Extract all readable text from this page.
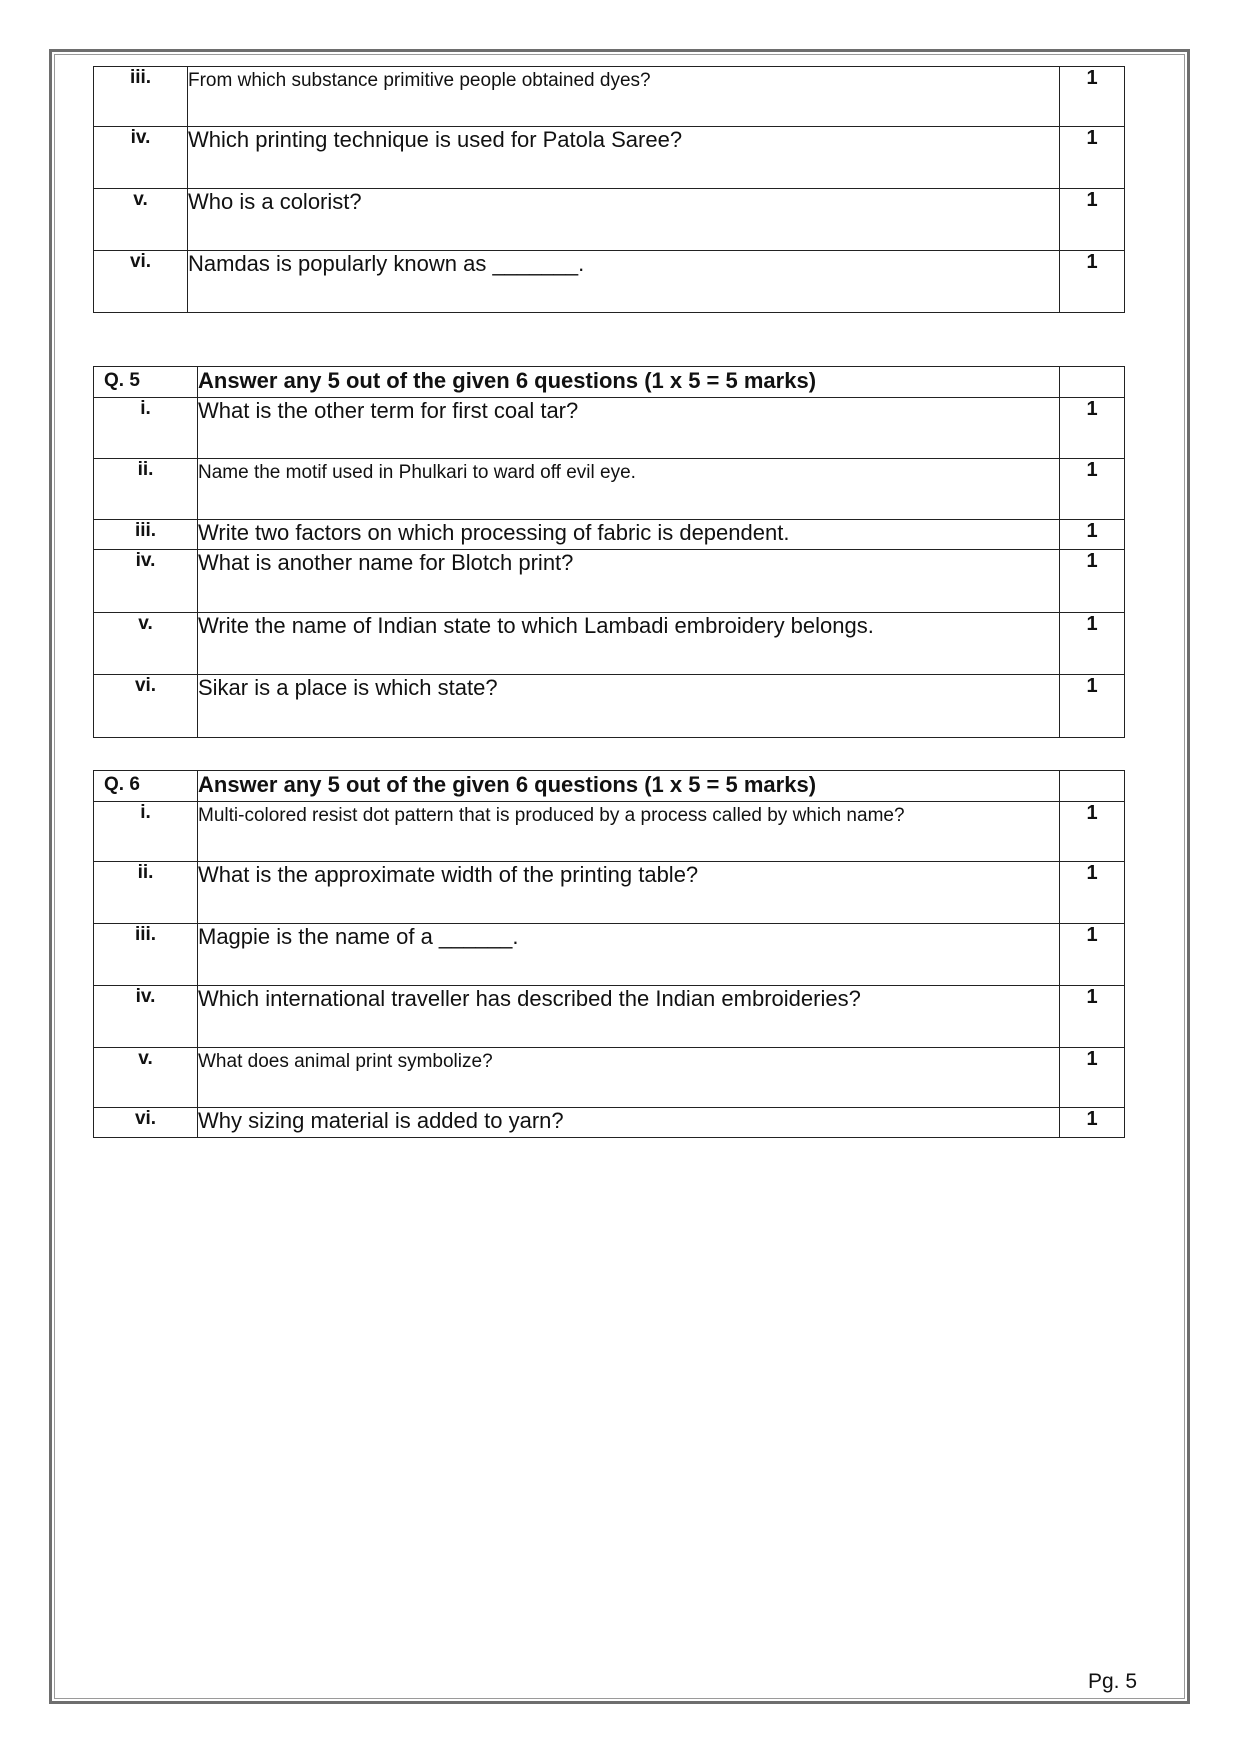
iii.	From which substance primitive people obtained dyes?	1
iv.	Which printing technique is used for Patola Saree?	1
v.	Who is a colorist?	1
vi.	Namdas is popularly known as _______.	1
Q. 5	Answer any 5 out of the given 6 questions (1 x 5 = 5 marks)	
i.	What is the other term for first coal tar?	1
ii.	Name the motif used in Phulkari to ward off evil eye.	1
iii.	Write two factors on which processing of fabric is dependent.	1
iv.	What is another name for Blotch print?	1
v.	Write the name of Indian state to which Lambadi embroidery belongs.	1
vi.	Sikar is a place is which state?	1
Q. 6	Answer any 5 out of the given 6 questions (1 x 5 = 5 marks)	
i.	Multi-colored resist dot pattern that is produced by a process called by which name?	1
ii.	What is the approximate width of the printing table?	1
iii.	Magpie is the name of a ______.	1
iv.	Which international traveller has described the Indian embroideries?	1
v.	What does animal print symbolize?	1
vi.	Why sizing material is added to yarn?	1
Pg. 5
